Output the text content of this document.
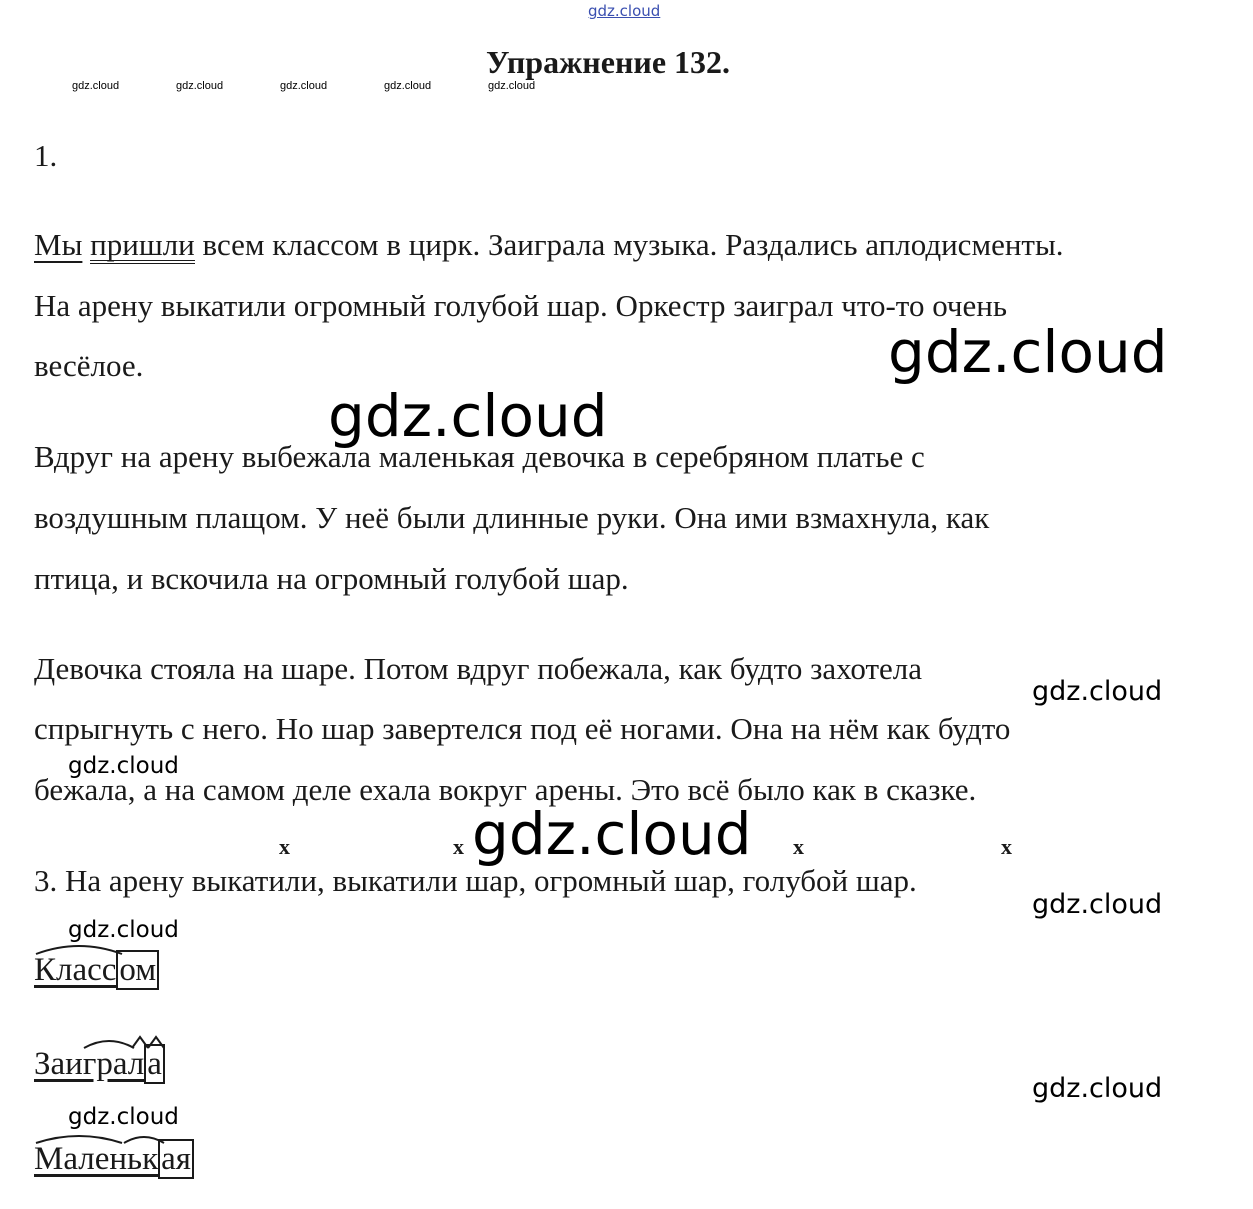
gdz.cloud
Упражнение 132.
gdz.cloud	gdz.cloud	gdz.cloud	gdz.cloud	gdz.cloud
1.
Мы пришли всем классом в цирк. Заиграла музыка. Раздались аплодисменты.
На арену выкатили огромный голубой шар. Оркестр заиграл что-то очень
весёлое.
Вдруг на арену выбежала маленькая девочка в серебряном платье с
воздушным плащом. У неё были длинные руки. Она ими взмахнула, как
птица, и вскочила на огромный голубой шар.
Девочка стояла на шаре. Потом вдруг побежала, как будто захотела
спрыгнуть с него. Но шар завертелся под её ногами. Она на нём как будто
бежала, а на самом деле ехала вокруг арены. Это всё было как в сказке.
x	x	x	x
3. На арену выкатили, выкатили шар, огромный шар, голубой шар.
Классом
Заиграла
Маленькая
gdz.cloud
gdz.cloud
gdz.cloud
gdz.cloud
gdz.cloud
gdz.cloud
gdz.cloud
gdz.cloud
gdz.cloud
